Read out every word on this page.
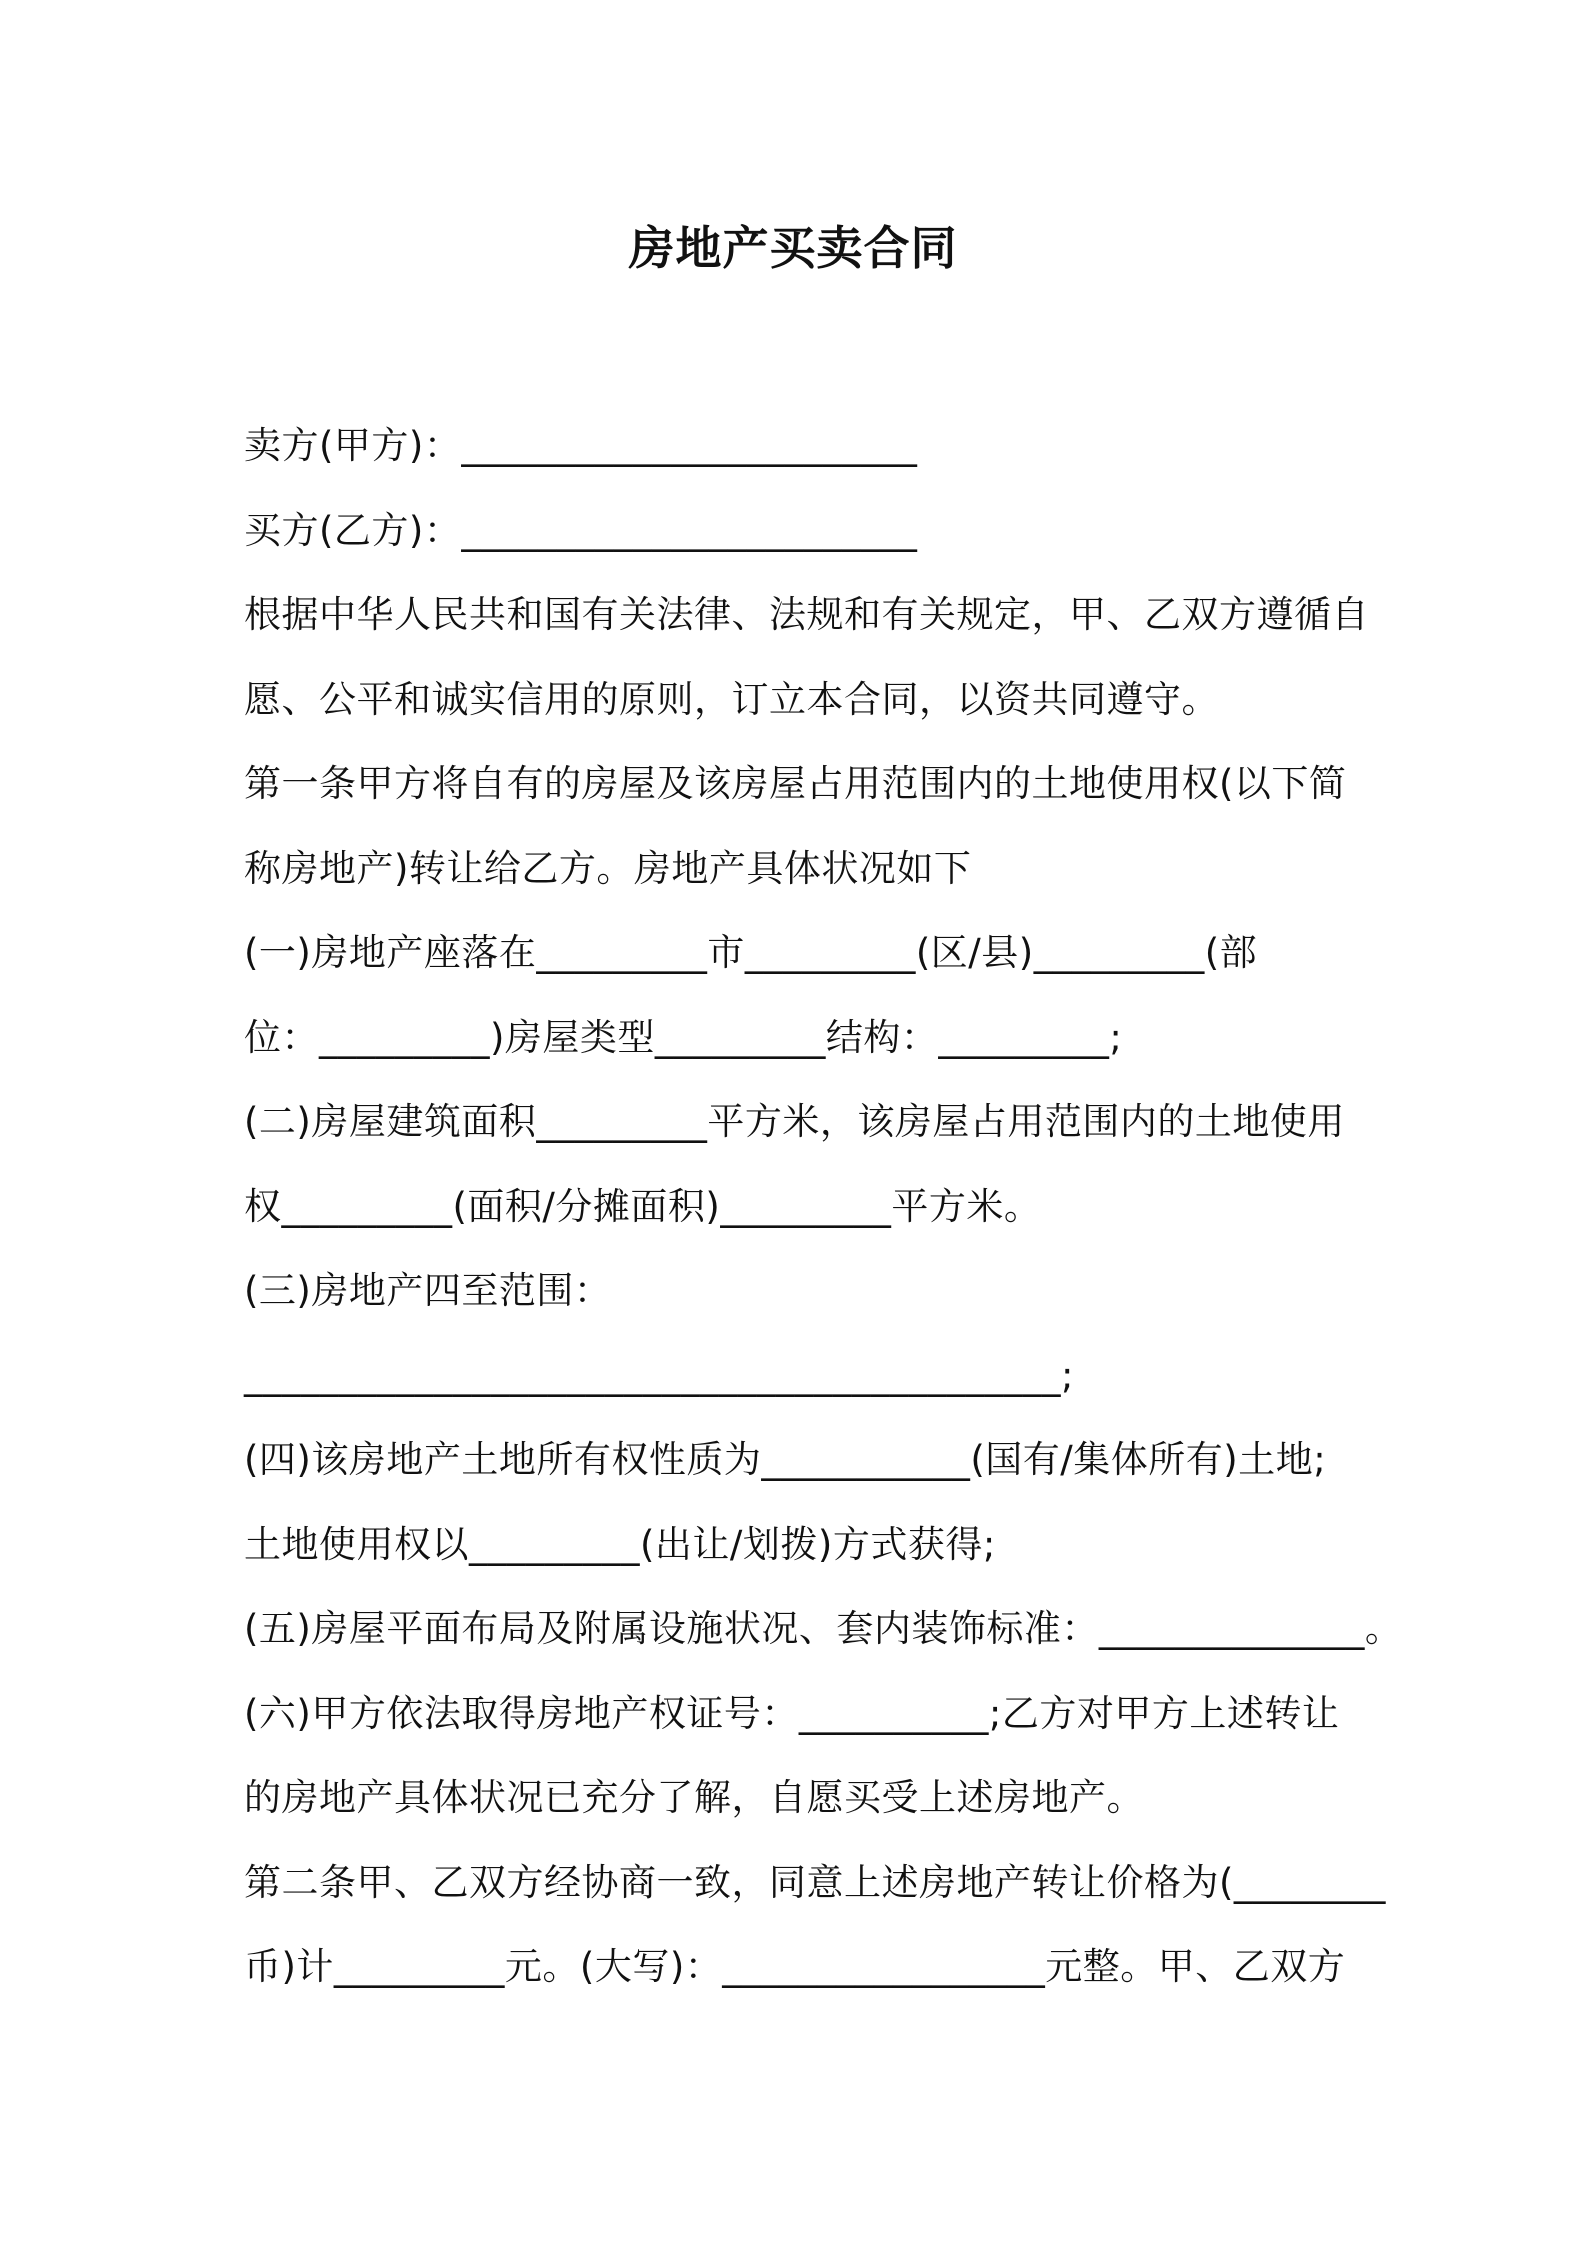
房地产买卖合同
卖方(甲方)：________________________
买方(乙方)：________________________
根据中华人民共和国有关法律、法规和有关规定，甲、乙双方遵循自
愿、公平和诚实信用的原则，订立本合同，以资共同遵守。
第一条甲方将自有的房屋及该房屋占用范围内的土地使用权(以下简
称房地产)转让给乙方。房地产具体状况如下
(一)房地产座落在_________市_________(区/县)_________(部
位：_________)房屋类型_________结构：_________;
(二)房屋建筑面积_________平方米，该房屋占用范围内的土地使用
权_________(面积/分摊面积)_________平方米。
(三)房地产四至范围：
___________________________________________;
(四)该房地产土地所有权性质为___________(国有/集体所有)土地;
土地使用权以_________(出让/划拨)方式获得;
(五)房屋平面布局及附属设施状况、套内装饰标准：______________。
(六)甲方依法取得房地产权证号：__________;乙方对甲方上述转让
的房地产具体状况已充分了解，自愿买受上述房地产。
第二条甲、乙双方经协商一致，同意上述房地产转让价格为(________
币)计_________元。(大写)：_________________元整。甲、乙双方
